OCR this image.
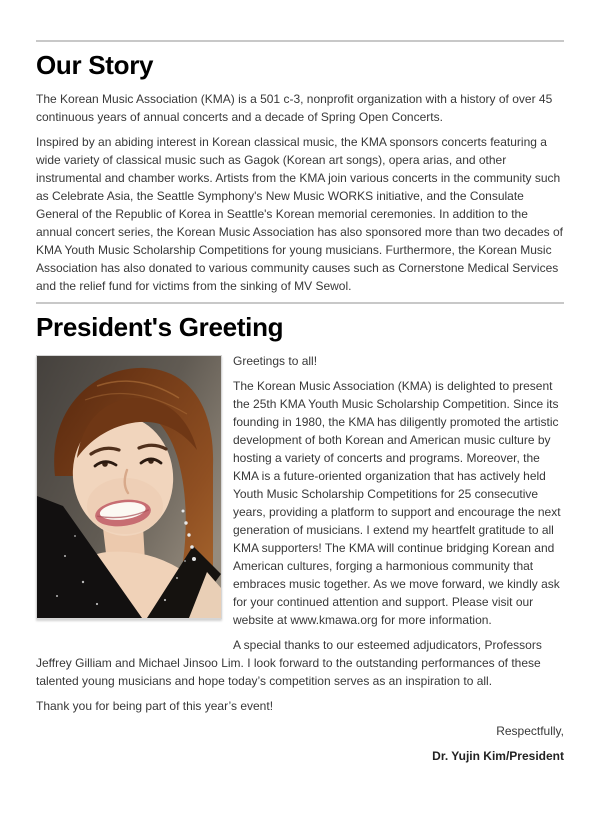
Our Story

The Korean Music Association (KMA) is a 501 c-3, nonprofit organization with a history of over 45 continuous years of annual concerts and a decade of Spring Open Concerts.

Inspired by an abiding interest in Korean classical music, the KMA sponsors concerts featuring a wide variety of classical music such as Gagok (Korean art songs), opera arias, and other instrumental and chamber works. Artists from the KMA join various concerts in the community such as Celebrate Asia, the Seattle Symphony's New Music WORKS initiative, and the Consulate General of the Republic of Korea in Seattle's Korean memorial ceremonies. In addition to the annual concert series, the Korean Music Association has also sponsored more than two decades of KMA Youth Music Scholarship Competitions for young musicians. Furthermore, the Korean Music Association has also donated to various community causes such as Cornerstone Medical Services and the relief fund for victims from the sinking of MV Sewol.

President's Greeting

Greetings to all!

The Korean Music Association (KMA) is delighted to present the 25th KMA Youth Music Scholarship Competition. Since its founding in 1980, the KMA has diligently promoted the artistic development of both Korean and American music culture by hosting a variety of concerts and programs. Moreover, the KMA is a future-oriented organization that has actively held Youth Music Scholarship Competitions for 25 consecutive years, providing a platform to support and encourage the next generation of musicians. I extend my heartfelt gratitude to all KMA supporters! The KMA will continue bridging Korean and American cultures, forging a harmonious community that embraces music together. As we move forward, we kindly ask for your continued attention and support. Please visit our website at www.kmawa.org for more information.

A special thanks to our esteemed adjudicators, Professors Jeffrey Gilliam and Michael Jinsoo Lim. I look forward to the outstanding performances of these talented young musicians and hope today’s competition serves as an inspiration to all.

Thank you for being part of this year’s event!

Respectfully,

Dr. Yujin Kim/President
